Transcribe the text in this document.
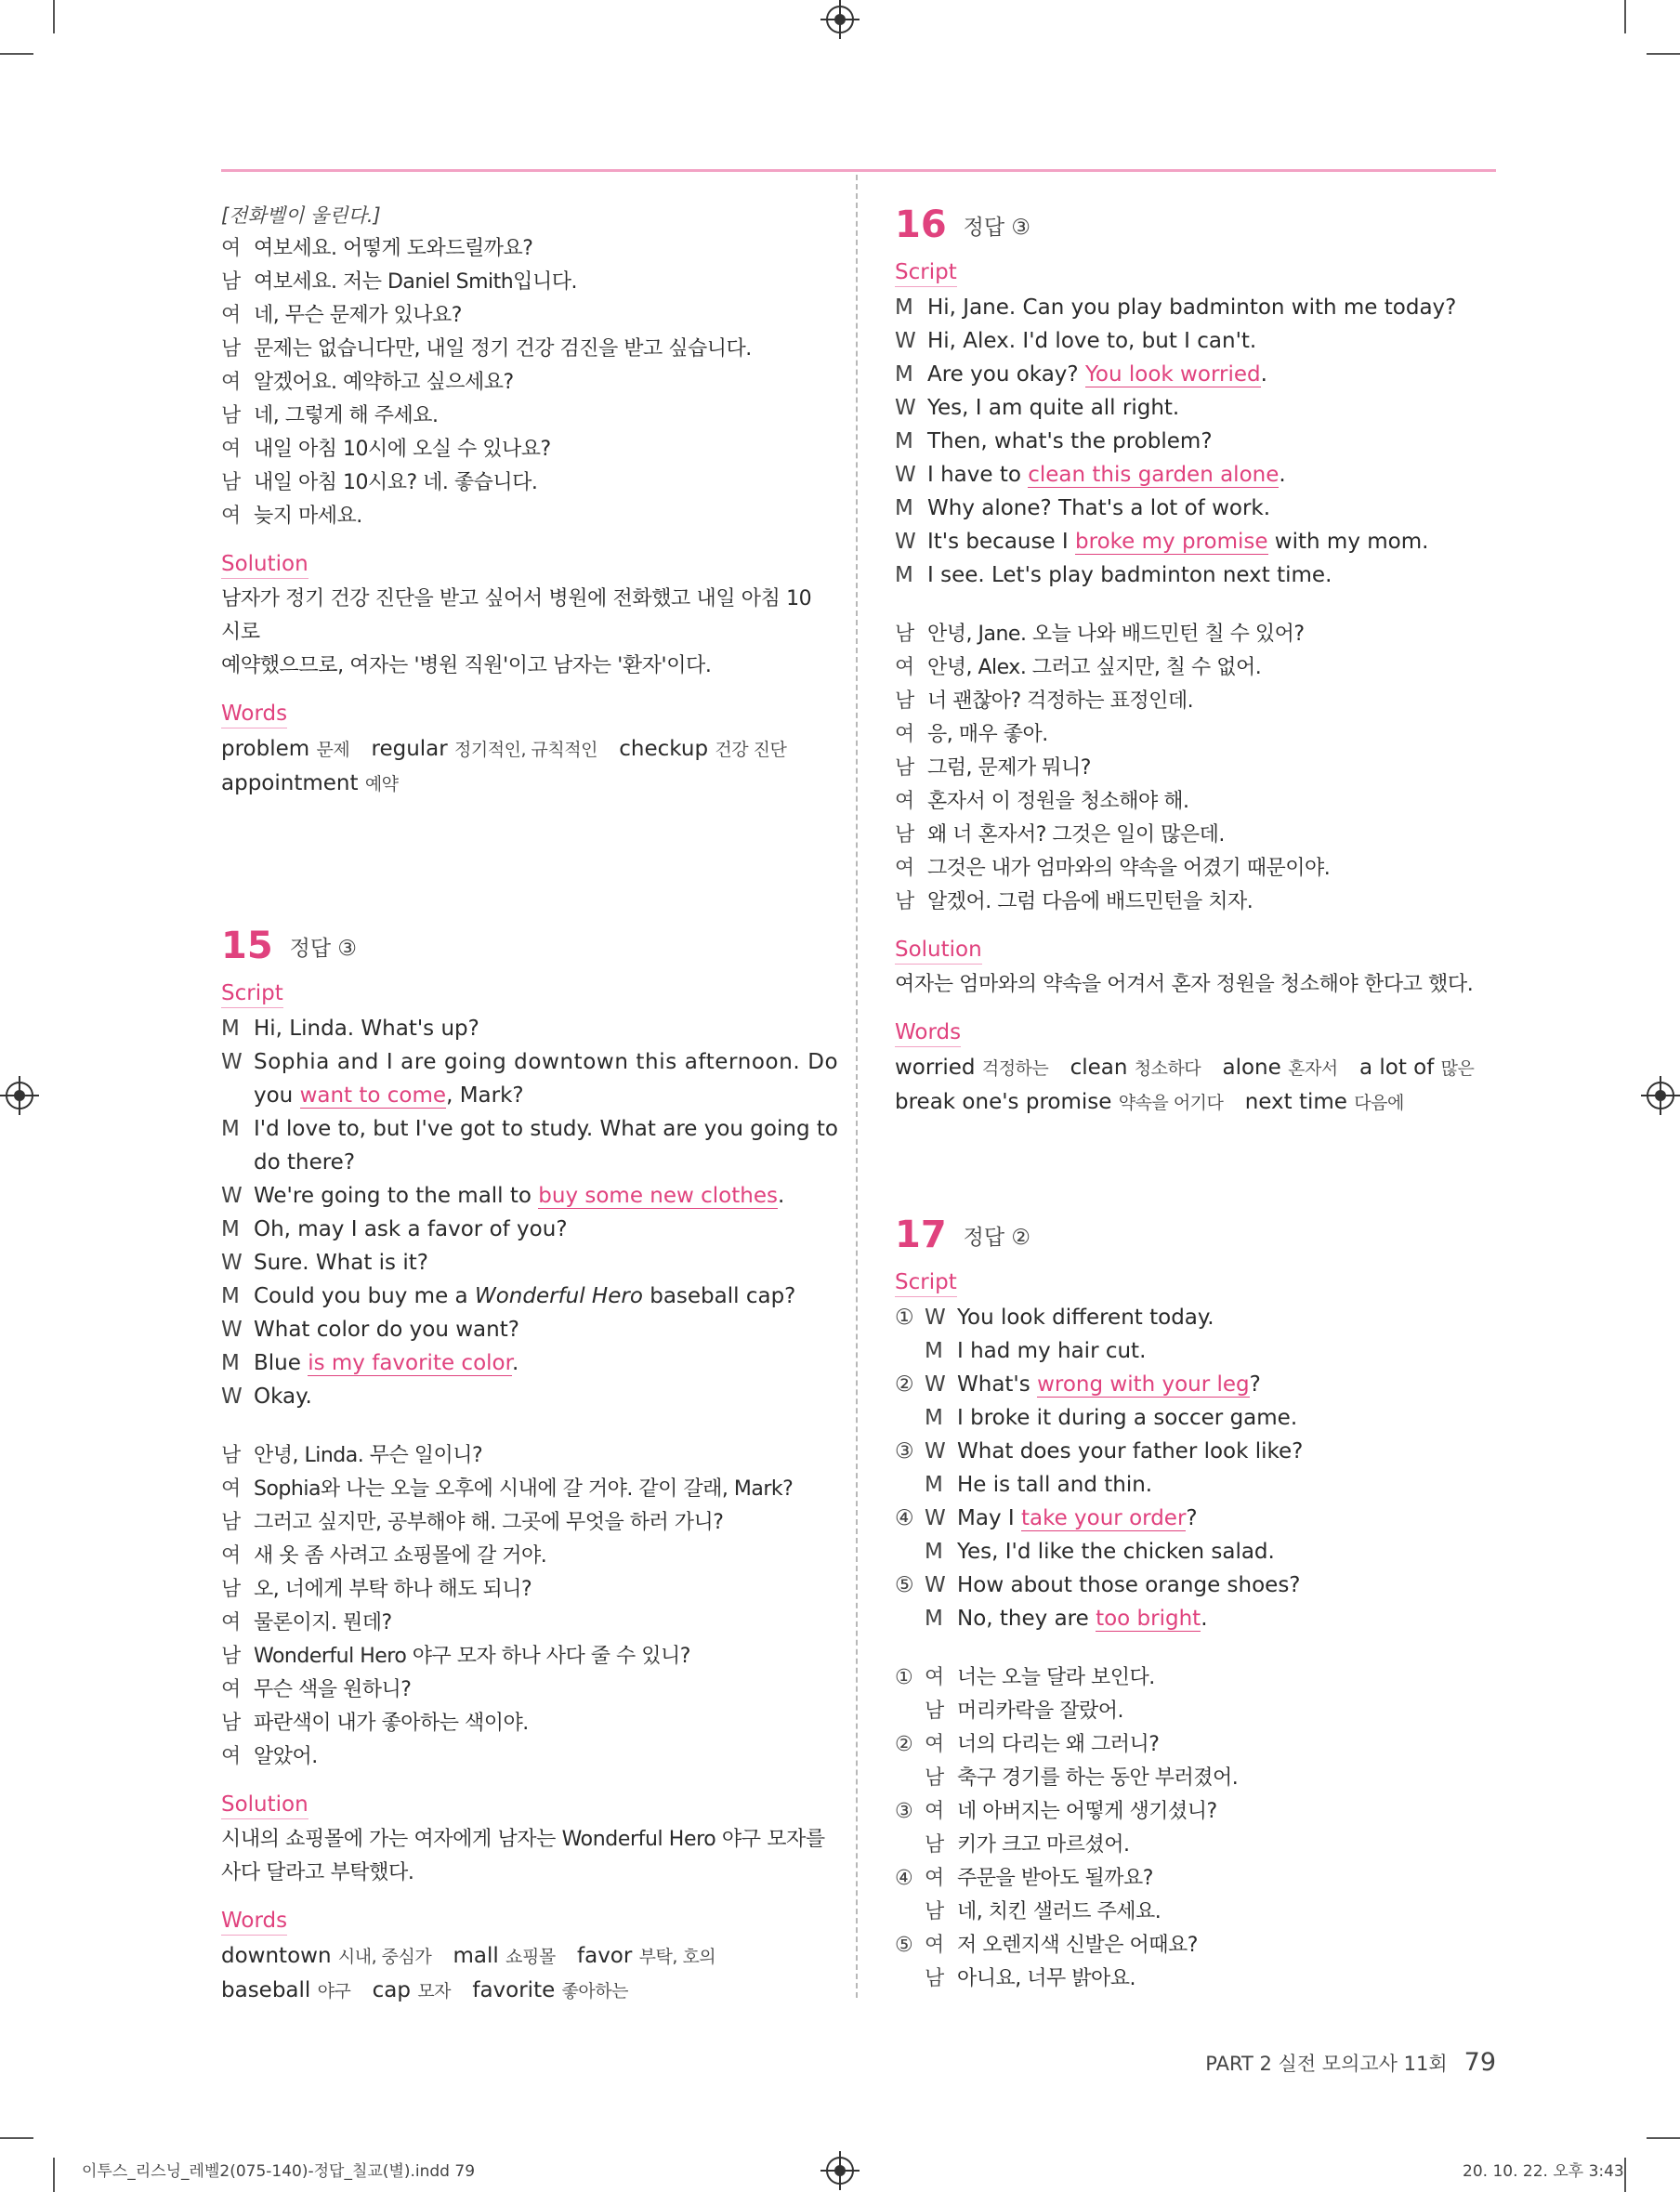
[전화벨이 울린다.]
여 여보세요. 어떻게 도와드릴까요?
남 여보세요. 저는 Daniel Smith입니다.
여 네, 무슨 문제가 있나요?
남 문제는 없습니다만, 내일 정기 건강 검진을 받고 싶습니다.
여 알겠어요. 예약하고 싶으세요?
남 네, 그렇게 해 주세요.
여 내일 아침 10시에 오실 수 있나요?
남 내일 아침 10시요? 네. 좋습니다.
여 늦지 마세요.
Solution
남자가 정기 건강 진단을 받고 싶어서 병원에 전화했고 내일 아침 10시로
예약했으므로, 여자는 '병원 직원'이고 남자는 '환자'이다.
Words
problem 문제 regular 정기적인, 규칙적인 checkup 건강 진단
appointment 예약
15 정답 ③
Script
M Hi, Linda. What's up?
W Sophia and I are going downtown this afternoon. Do
you want to come, Mark?
M I'd love to, but I've got to study. What are you going to
do there?
W We're going to the mall to buy some new clothes.
M Oh, may I ask a favor of you?
W Sure. What is it?
M Could you buy me a Wonderful Hero baseball cap?
W What color do you want?
M Blue is my favorite color.
W Okay.
남 안녕, Linda. 무슨 일이니?
여 Sophia와 나는 오늘 오후에 시내에 갈 거야. 같이 갈래, Mark?
남 그러고 싶지만, 공부해야 해. 그곳에 무엇을 하러 가니?
여 새 옷 좀 사려고 쇼핑몰에 갈 거야.
남 오, 너에게 부탁 하나 해도 되니?
여 물론이지. 뭔데?
남 Wonderful Hero 야구 모자 하나 사다 줄 수 있니?
여 무슨 색을 원하니?
남 파란색이 내가 좋아하는 색이야.
여 알았어.
Solution
시내의 쇼핑몰에 가는 여자에게 남자는 Wonderful Hero 야구 모자를
사다 달라고 부탁했다.
Words
downtown 시내, 중심가 mall 쇼핑몰 favor 부탁, 호의
baseball 야구 cap 모자 favorite 좋아하는
16 정답 ③
Script
M Hi, Jane. Can you play badminton with me today?
W Hi, Alex. I'd love to, but I can't.
M Are you okay? You look worried.
W Yes, I am quite all right.
M Then, what's the problem?
W I have to clean this garden alone.
M Why alone? That's a lot of work.
W It's because I broke my promise with my mom.
M I see. Let's play badminton next time.
남 안녕, Jane. 오늘 나와 배드민턴 칠 수 있어?
여 안녕, Alex. 그러고 싶지만, 칠 수 없어.
남 너 괜찮아? 걱정하는 표정인데.
여 응, 매우 좋아.
남 그럼, 문제가 뭐니?
여 혼자서 이 정원을 청소해야 해.
남 왜 너 혼자서? 그것은 일이 많은데.
여 그것은 내가 엄마와의 약속을 어겼기 때문이야.
남 알겠어. 그럼 다음에 배드민턴을 치자.
Solution
여자는 엄마와의 약속을 어겨서 혼자 정원을 청소해야 한다고 했다.
Words
worried 걱정하는 clean 청소하다 alone 혼자서 a lot of 많은
break one's promise 약속을 어기다 next time 다음에
17 정답 ②
Script
① W You look different today.
M I had my hair cut.
② W What's wrong with your leg?
M I broke it during a soccer game.
③ W What does your father look like?
M He is tall and thin.
④ W May I take your order?
M Yes, I'd like the chicken salad.
⑤ W How about those orange shoes?
M No, they are too bright.
① 여 너는 오늘 달라 보인다.
남 머리카락을 잘랐어.
② 여 너의 다리는 왜 그러니?
남 축구 경기를 하는 동안 부러졌어.
③ 여 네 아버지는 어떻게 생기셨니?
남 키가 크고 마르셨어.
④ 여 주문을 받아도 될까요?
남 네, 치킨 샐러드 주세요.
⑤ 여 저 오렌지색 신발은 어때요?
남 아니요, 너무 밝아요.
PART 2 실전 모의고사 11회 79
이투스_리스닝_레벨2(075-140)-정답_칠교(별).indd 79	20. 10. 22. 오후 3:43
